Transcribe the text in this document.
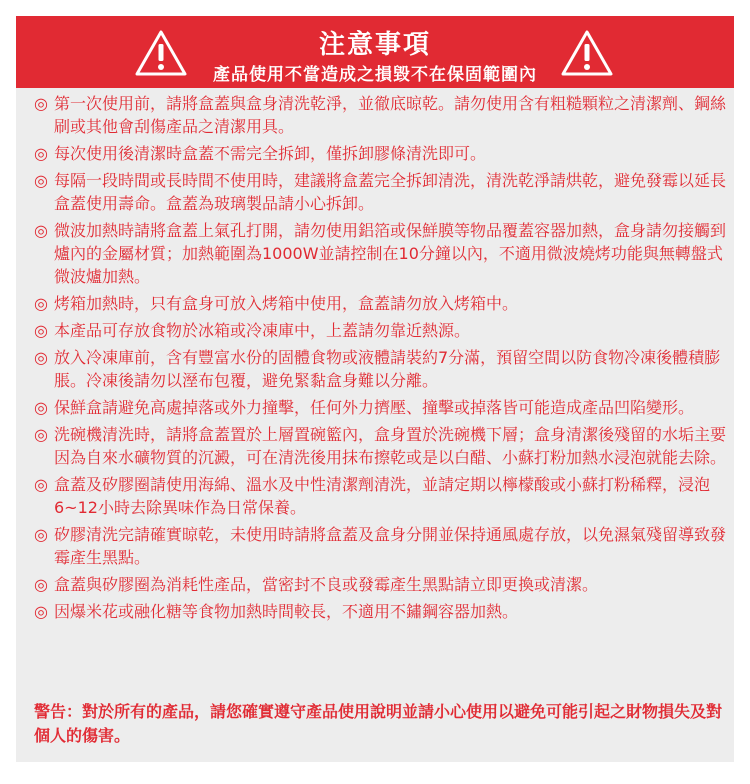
注意事項
產品使用不當造成之損毀不在保固範圍內
◎ 第一次使用前，請將盒蓋與盒身清洗乾淨，並徹底晾乾。請勿使用含有粗糙顆粒之清潔劑、鋼絲刷或其他會刮傷產品之清潔用具。
◎ 每次使用後清潔時盒蓋不需完全拆卸，僅拆卸膠條清洗即可。
◎ 每隔一段時間或長時間不使用時，建議將盒蓋完全拆卸清洗，清洗乾淨請烘乾，避免發霉以延長盒蓋使用壽命。盒蓋為玻璃製品請小心拆卸。
◎ 微波加熱時請將盒蓋上氣孔打開，請勿使用鋁箔或保鮮膜等物品覆蓋容器加熱，盒身請勿接觸到爐內的金屬材質；加熱範圍為1000W並請控制在10分鐘以內，不適用微波燒烤功能與無轉盤式微波爐加熱。
◎ 烤箱加熱時，只有盒身可放入烤箱中使用，盒蓋請勿放入烤箱中。
◎ 本產品可存放食物於冰箱或冷凍庫中，上蓋請勿靠近熱源。
◎ 放入冷凍庫前，含有豐富水份的固體食物或液體請裝約7分滿，預留空間以防食物冷凍後體積膨脹。冷凍後請勿以溼布包覆，避免緊黏盒身難以分離。
◎ 保鮮盒請避免高處掉落或外力撞擊，任何外力擠壓、撞擊或掉落皆可能造成產品凹陷變形。
◎ 洗碗機清洗時，請將盒蓋置於上層置碗籃內，盒身置於洗碗機下層；盒身清潔後殘留的水垢主要因為自來水礦物質的沉澱，可在清洗後用抹布擦乾或是以白醋、小蘇打粉加熱水浸泡就能去除。
◎ 盒蓋及矽膠圈請使用海綿、溫水及中性清潔劑清洗，並請定期以檸檬酸或小蘇打粉稀釋，浸泡6~12小時去除異味作為日常保養。
◎ 矽膠清洗完請確實晾乾，未使用時請將盒蓋及盒身分開並保持通風處存放，以免濕氣殘留導致發霉產生黑點。
◎ 盒蓋與矽膠圈為消耗性產品，當密封不良或發霉產生黑點請立即更換或清潔。
◎ 因爆米花或融化糖等食物加熱時間較長，不適用不鏽鋼容器加熱。
警告：對於所有的產品，請您確實遵守產品使用說明並請小心使用以避免可能引起之財物損失及對個人的傷害。
